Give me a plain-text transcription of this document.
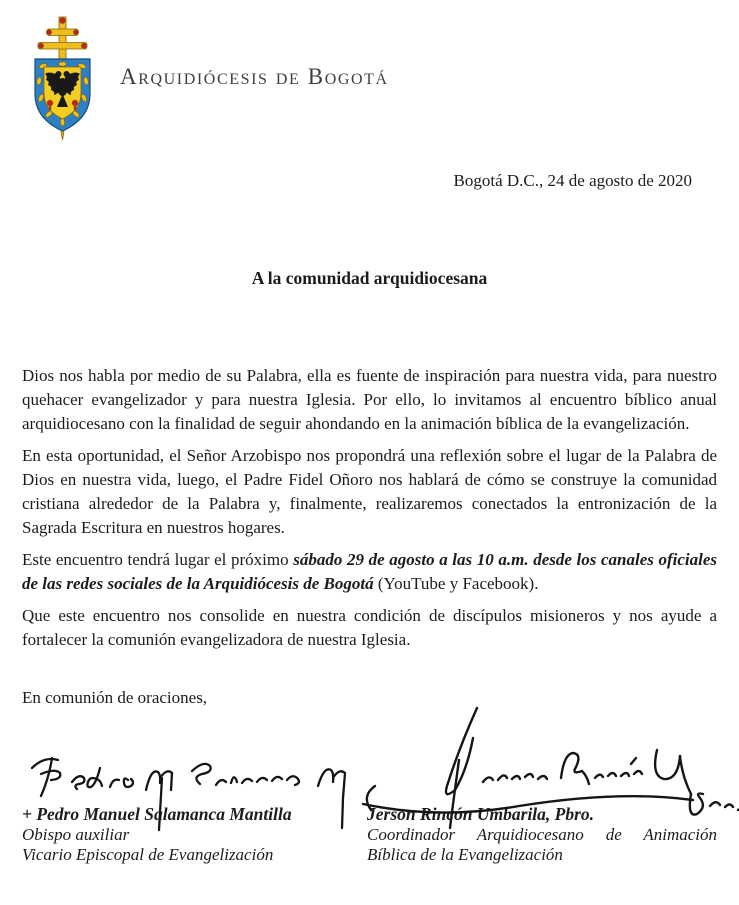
Arquidiócesis de Bogotá
Bogotá D.C., 24 de agosto de 2020
A la comunidad arquidiocesana

Dios nos habla por medio de su Palabra, ella es fuente de inspiración para nuestra vida, para nuestro quehacer evangelizador y para nuestra Iglesia. Por ello, lo invitamos al encuentro bíblico anual arquidiocesano con la finalidad de seguir ahondando en la animación bíblica de la evangelización.

En esta oportunidad, el Señor Arzobispo nos propondrá una reflexión sobre el lugar de la Palabra de Dios en nuestra vida, luego, el Padre Fidel Oñoro nos hablará de cómo se construye la comunidad cristiana alrededor de la Palabra y, finalmente, realizaremos conectados la entronización de la Sagrada Escritura en nuestros hogares.

Este encuentro tendrá lugar el próximo sábado 29 de agosto a las 10 a.m. desde los canales oficiales de las redes sociales de la Arquidiócesis de Bogotá (YouTube y Facebook).

Que este encuentro nos consolide en nuestra condición de discípulos misioneros y nos ayude a fortalecer la comunión evangelizadora de nuestra Iglesia.

En comunión de oraciones,
+ Pedro Manuel Salamanca Mantilla
Obispo auxiliar
Vicario Episcopal de Evangelización
Jerson Rincón Umbarila, Pbro.
Coordinador Arquidiocesano de Animación Bíblica de la Evangelización
